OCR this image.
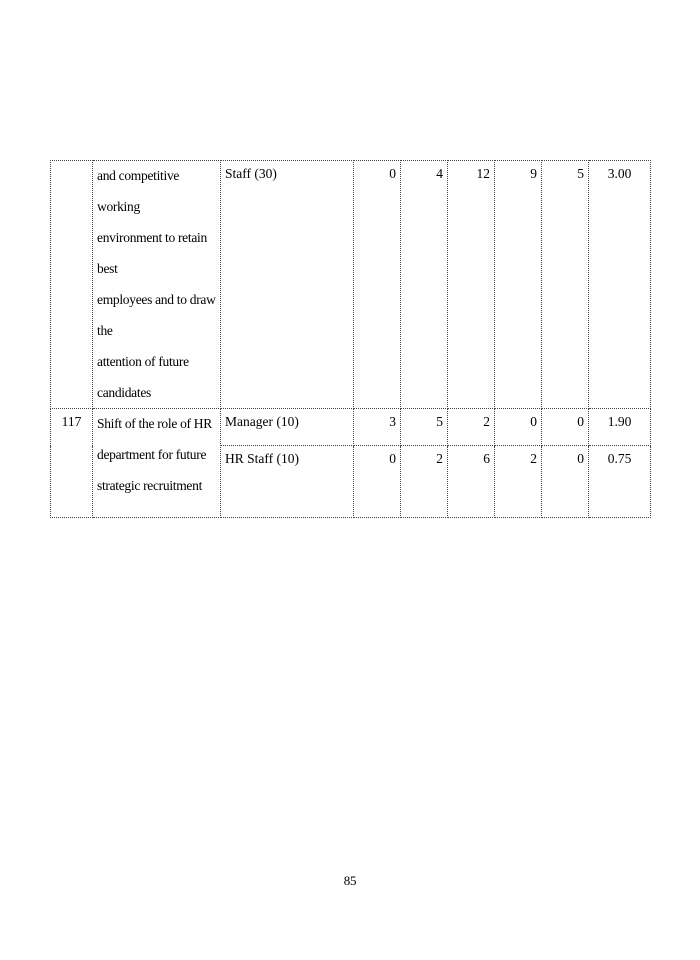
	and competitive working
environment to retain best
employees and to draw the
attention of future
candidates	Staff (30)	0	4	12	9	5	3.00

117	Shift of the role of HR
department for future
strategic recruitment	Manager (10)	3	5	2	0	0	1.90

		HR Staff (10)	0	2	6	2	0	0.75
85
